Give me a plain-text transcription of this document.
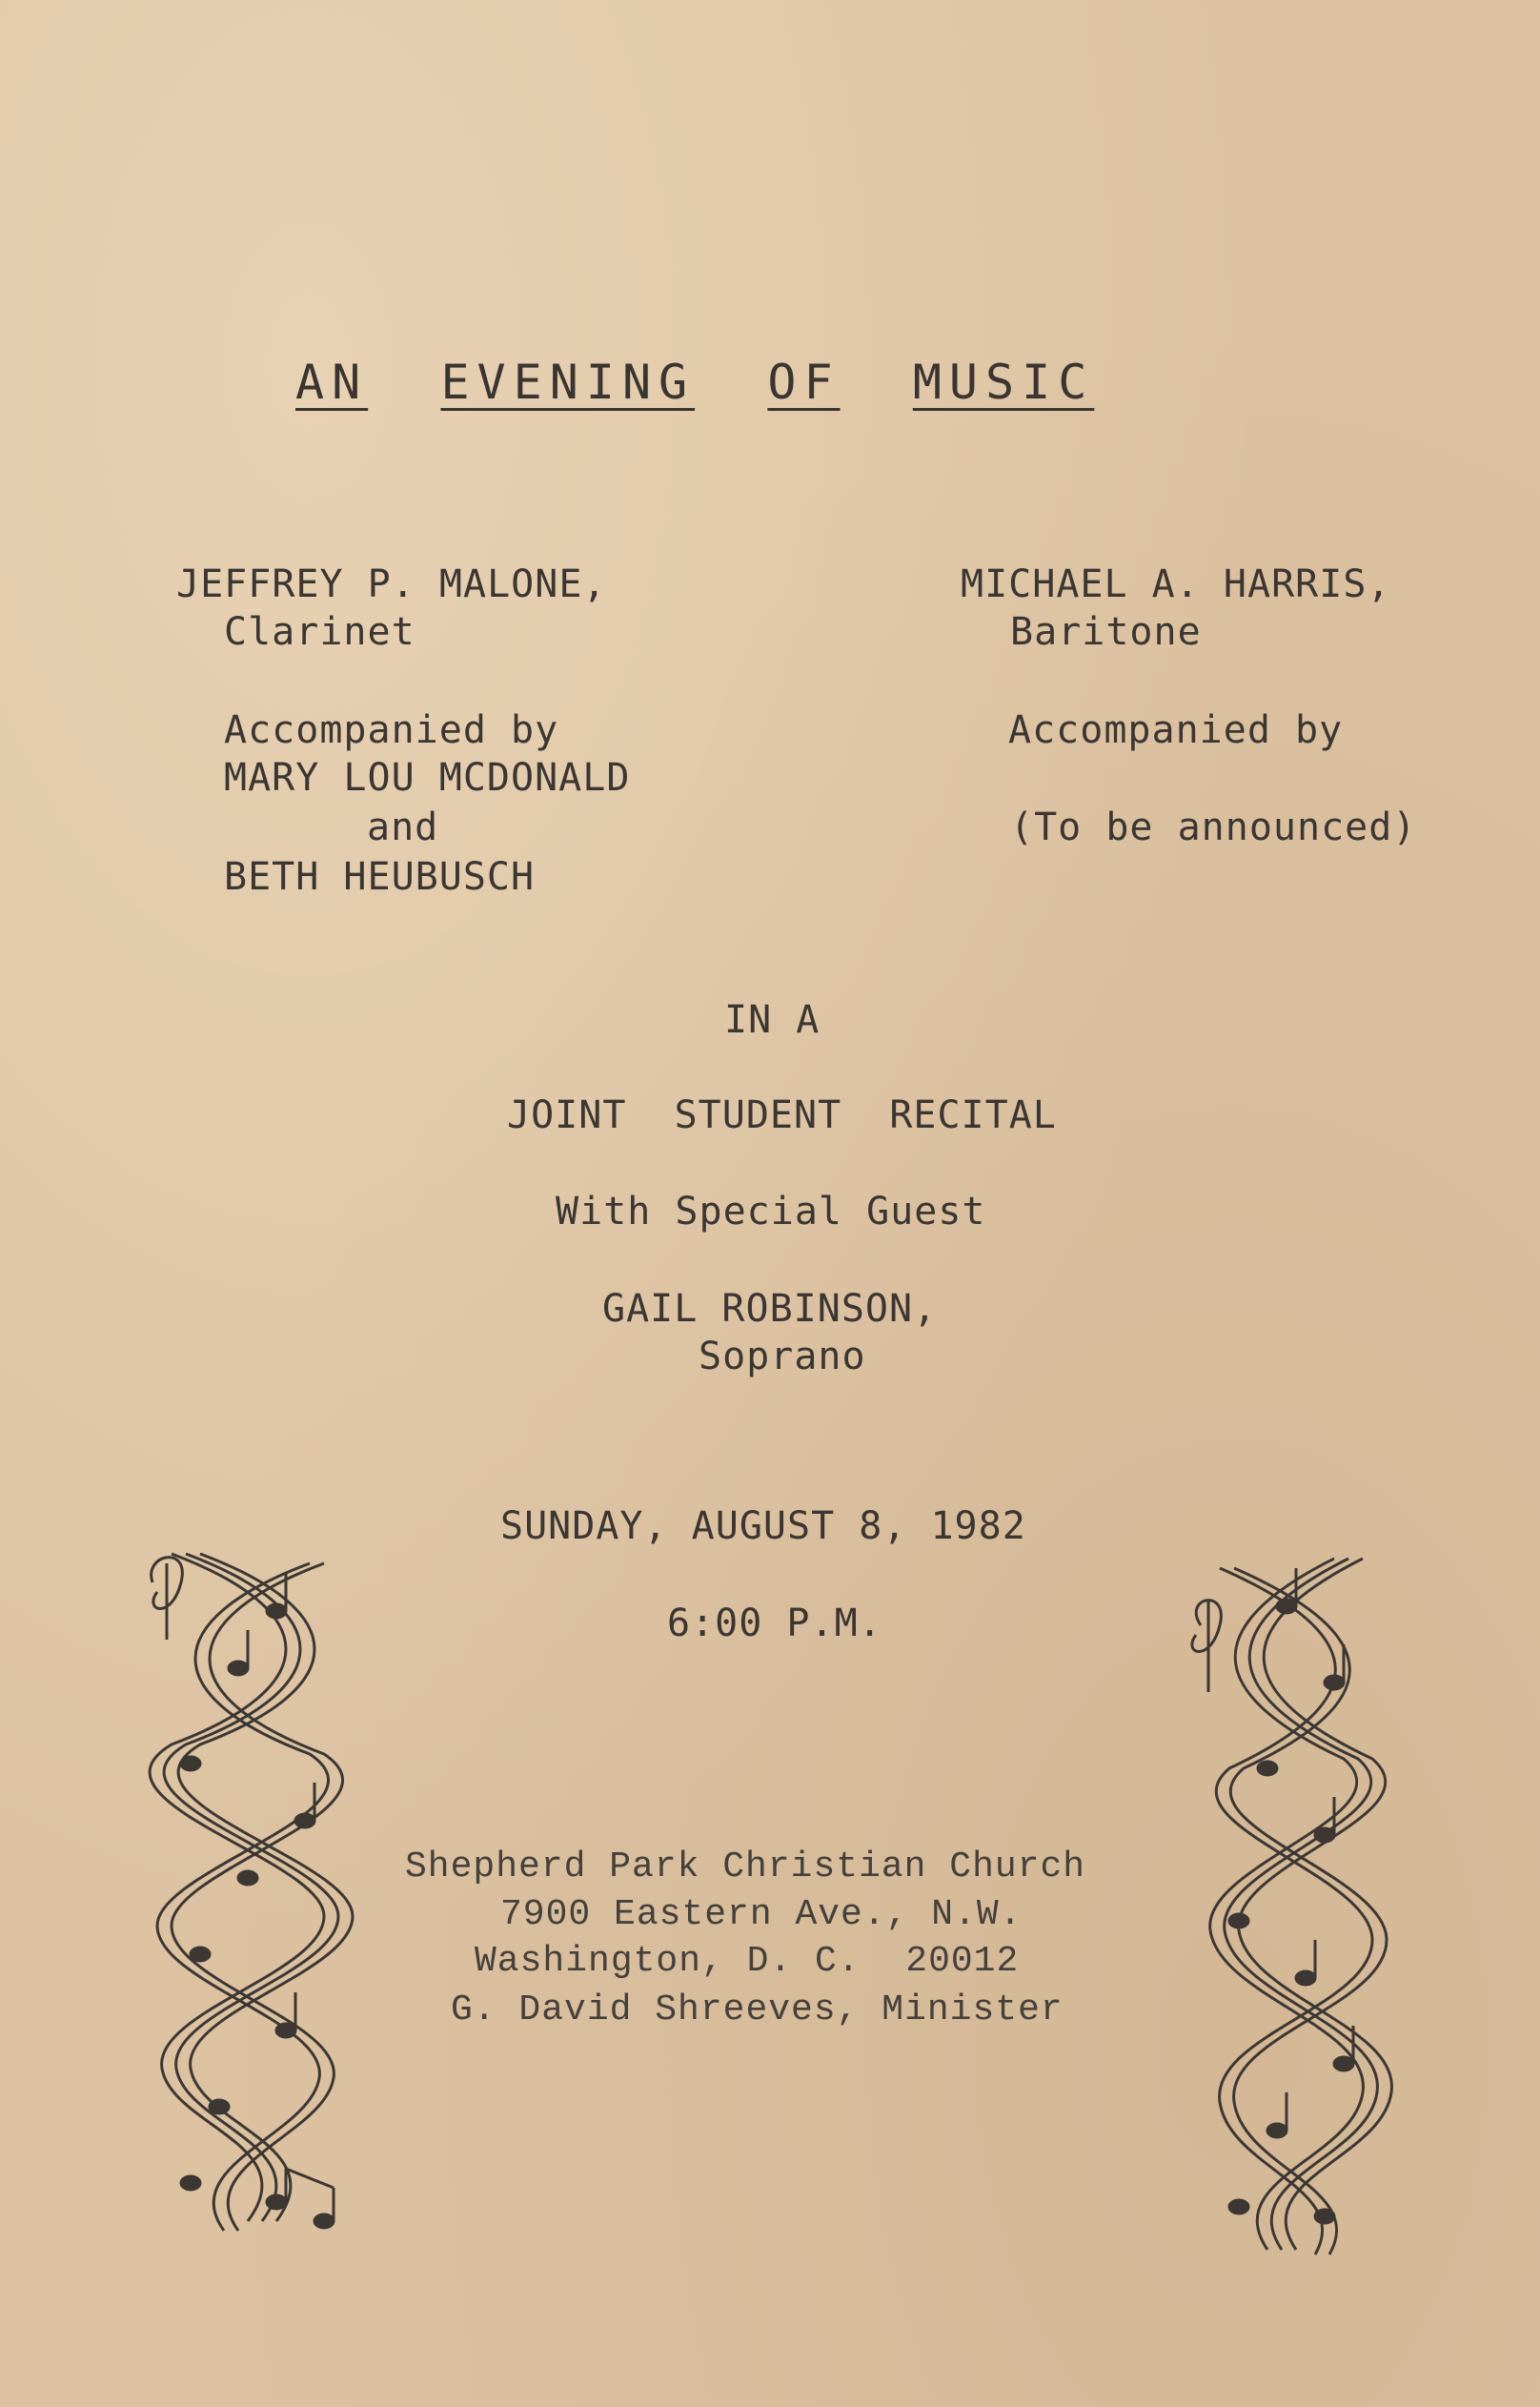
AN EVENING OF MUSIC
JEFFREY P. MALONE,
Clarinet
Accompanied by
MARY LOU MCDONALD
and
BETH HEUBUSCH
MICHAEL A. HARRIS,
Baritone
Accompanied by
(To be announced)
IN A
JOINT  STUDENT  RECITAL
With Special Guest
GAIL ROBINSON,
Soprano
SUNDAY, AUGUST 8, 1982
6:00 P.M.
Shepherd Park Christian Church
7900 Eastern Ave., N.W.
Washington, D. C.  20012
G. David Shreeves, Minister
